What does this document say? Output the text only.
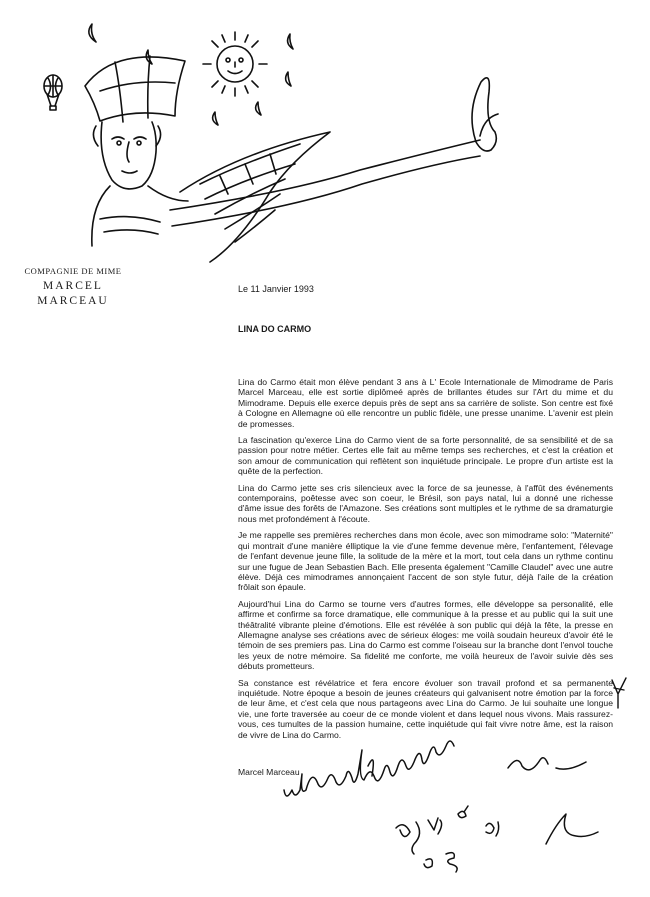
COMPAGNIE DE MIME
MARCEL
MARCEAU
Le 11 Janvier 1993
LINA DO CARMO

Lina do Carmo était mon élève pendant 3 ans à L' Ecole Internationale de Mimodrame de Paris Marcel Marceau, elle est sortie diplômeé après de brillantes études sur l'Art du mime et du Mimodrame. Depuis elle exerce depuis près de sept ans sa carrière de soliste. Son centre est fixé à Cologne en Allemagne où elle rencontre un public fidèle, une presse unanime. L'avenir est plein de promesses.

La fascination qu'exerce Lina do Carmo vient de sa forte personnalité, de sa sensibilité et de sa passion pour notre métier. Certes elle fait au même temps ses recherches, et c'est la création et son amour de communication qui reflètent son inquiétude principale. Le propre d'un artiste est la quête de la perfection.

Lina do Carmo jette ses cris silencieux avec la force de sa jeunesse, à l'affût des événements contemporains, poêtesse avec son coeur, le Brésil, son pays natal, lui a donné une richesse d'âme issue des forêts de l'Amazone. Ses créations sont multiples et le rythme de sa dramaturgie nous met profondément à l'écoute.

Je me rappelle ses premières recherches dans mon école, avec son mimodrame solo: "Maternité" qui montrait d'une manière élliptique la vie d'une femme devenue mère, l'enfantement, l'élevage de l'enfant devenue jeune fille, la solitude de la mère et la mort, tout cela dans un rythme continu sur une fugue de Jean Sebastien Bach. Elle presenta également "Camille Claudel" avec une autre élève. Déjà ces mimodrames annonçaient l'accent de son style futur, déjà l'aile de la création frôlait son épaule.

Aujourd'hui Lina do Carmo se tourne vers d'autres formes, elle développe sa personalité, elle affirme et confirme sa force dramatique, elle communique à la presse et au public qui la suit une théâtralité vibrante pleine d'émotions. Elle est révélée à son public qui déjà la fête, la presse en Allemagne analyse ses créations avec de sérieux éloges: me voilà soudain heureux d'avoir été le témoin de ses premiers pas. Lina do Carmo est comme l'oiseau sur la branche dont l'envol touche les yeux de notre mémoire. Sa fidelité me conforte, me voilà heureux de l'avoir suivie dès ses débuts prometteurs.

Sa constance est révélatrice et fera encore évoluer son travail profond et sa permanente inquiétude. Notre époque a besoin de jeunes créateurs qui galvanisent notre émotion par la force de leur âme, et c'est cela que nous partageons avec Lina do Carmo. Je lui souhaite une longue vie, une forte traversée au coeur de ce monde violent et dans lequel nous vivons. Mais rassurez-vous, ces tumultes de la passion humaine, cette inquiétude qui fait vivre notre âme, est la raison de vivre de Lina do Carmo.

Marcel Marceau
